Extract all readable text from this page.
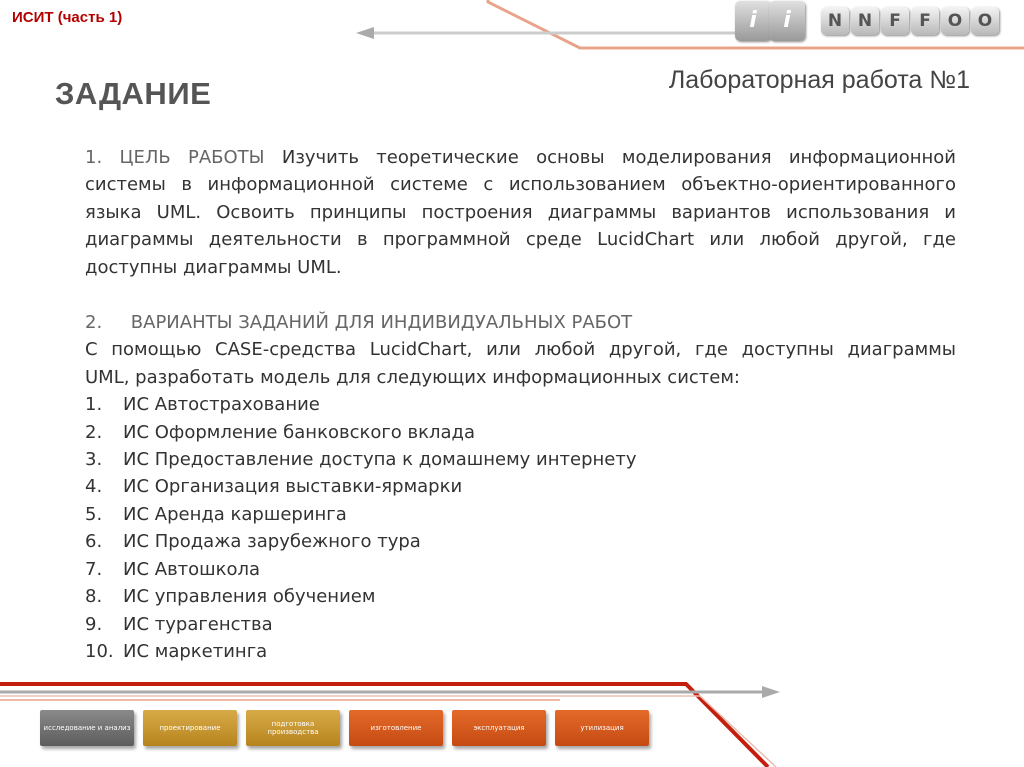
ИСИТ (часть 1)	i	i	N N	F	F O O
ЗАДАНИЕ	Лабораторная работа №1
1. ЦЕЛЬ РАБОТЫ Изучить теоретические основы моделирования информационной
системы в информационной системе с использованием объектно-ориентированного
языка UML. Освоить принципы построения диаграммы вариантов использования и
диаграммы деятельности в программной среде LucidChart или любой другой, где
доступны диаграммы UML.
2.     ВАРИАНТЫ ЗАДАНИЙ ДЛЯ ИНДИВИДУАЛЬНЫХ РАБОТ
С помощью CASE-средства LucidChart, или любой другой, где доступны диаграммы
UML, разработать модель для следующих информационных систем:
1. ИС Автострахование
2. ИС Оформление банковского вклада
3. ИС Предоставление доступа к домашнему интернету
4. ИС Организация выставки-ярмарки
5. ИС Аренда каршеринга
6. ИС Продажа зарубежного тура
7. ИС Автошкола
8. ИС управления обучением
9. ИС турагенства
10. ИС маркетинга
исследование и анализ	проектирование	подготовка производства	изготовление	эксплуатация	утилизация
